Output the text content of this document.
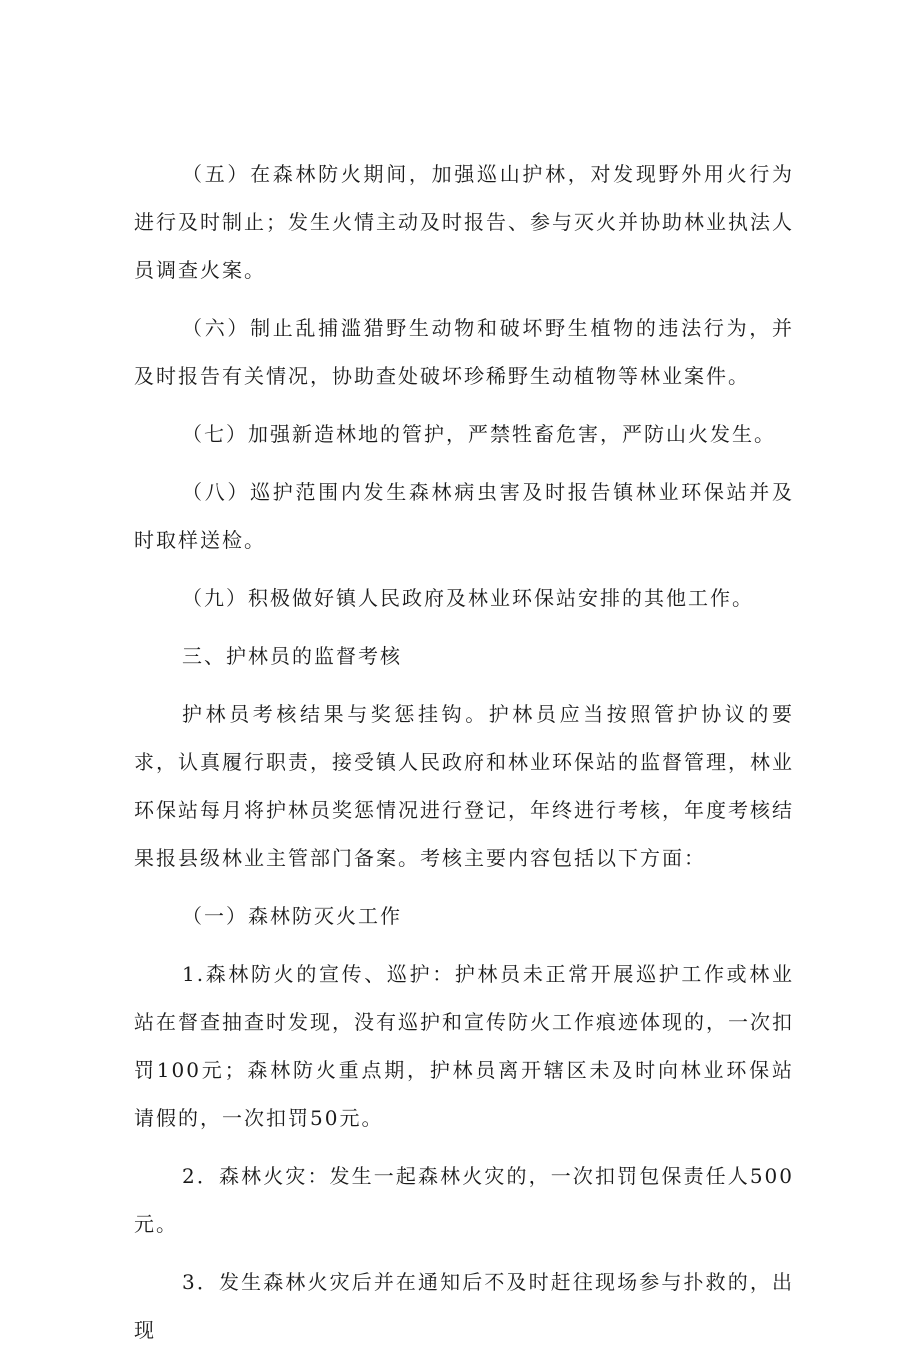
（五）在森林防火期间，加强巡山护林，对发现野外用火行为进行及时制止；发生火情主动及时报告、参与灭火并协助林业执法人员调查火案。

（六）制止乱捕滥猎野生动物和破坏野生植物的违法行为，并及时报告有关情况，协助查处破坏珍稀野生动植物等林业案件。

（七）加强新造林地的管护，严禁牲畜危害，严防山火发生。

（八）巡护范围内发生森林病虫害及时报告镇林业环保站并及时取样送检。

（九）积极做好镇人民政府及林业环保站安排的其他工作。

三、护林员的监督考核

护林员考核结果与奖惩挂钩。护林员应当按照管护协议的要求，认真履行职责，接受镇人民政府和林业环保站的监督管理，林业环保站每月将护林员奖惩情况进行登记，年终进行考核，年度考核结果报县级林业主管部门备案。考核主要内容包括以下方面：

（一）森林防灭火工作

1.森林防火的宣传、巡护：护林员未正常开展巡护工作或林业站在督查抽查时发现，没有巡护和宣传防火工作痕迹体现的，一次扣罚100元；森林防火重点期，护林员离开辖区未及时向林业环保站请假的，一次扣罚50元。

2．森林火灾：发生一起森林火灾的，一次扣罚包保责任人500元。

3．发生森林火灾后并在通知后不及时赶往现场参与扑救的，出现
